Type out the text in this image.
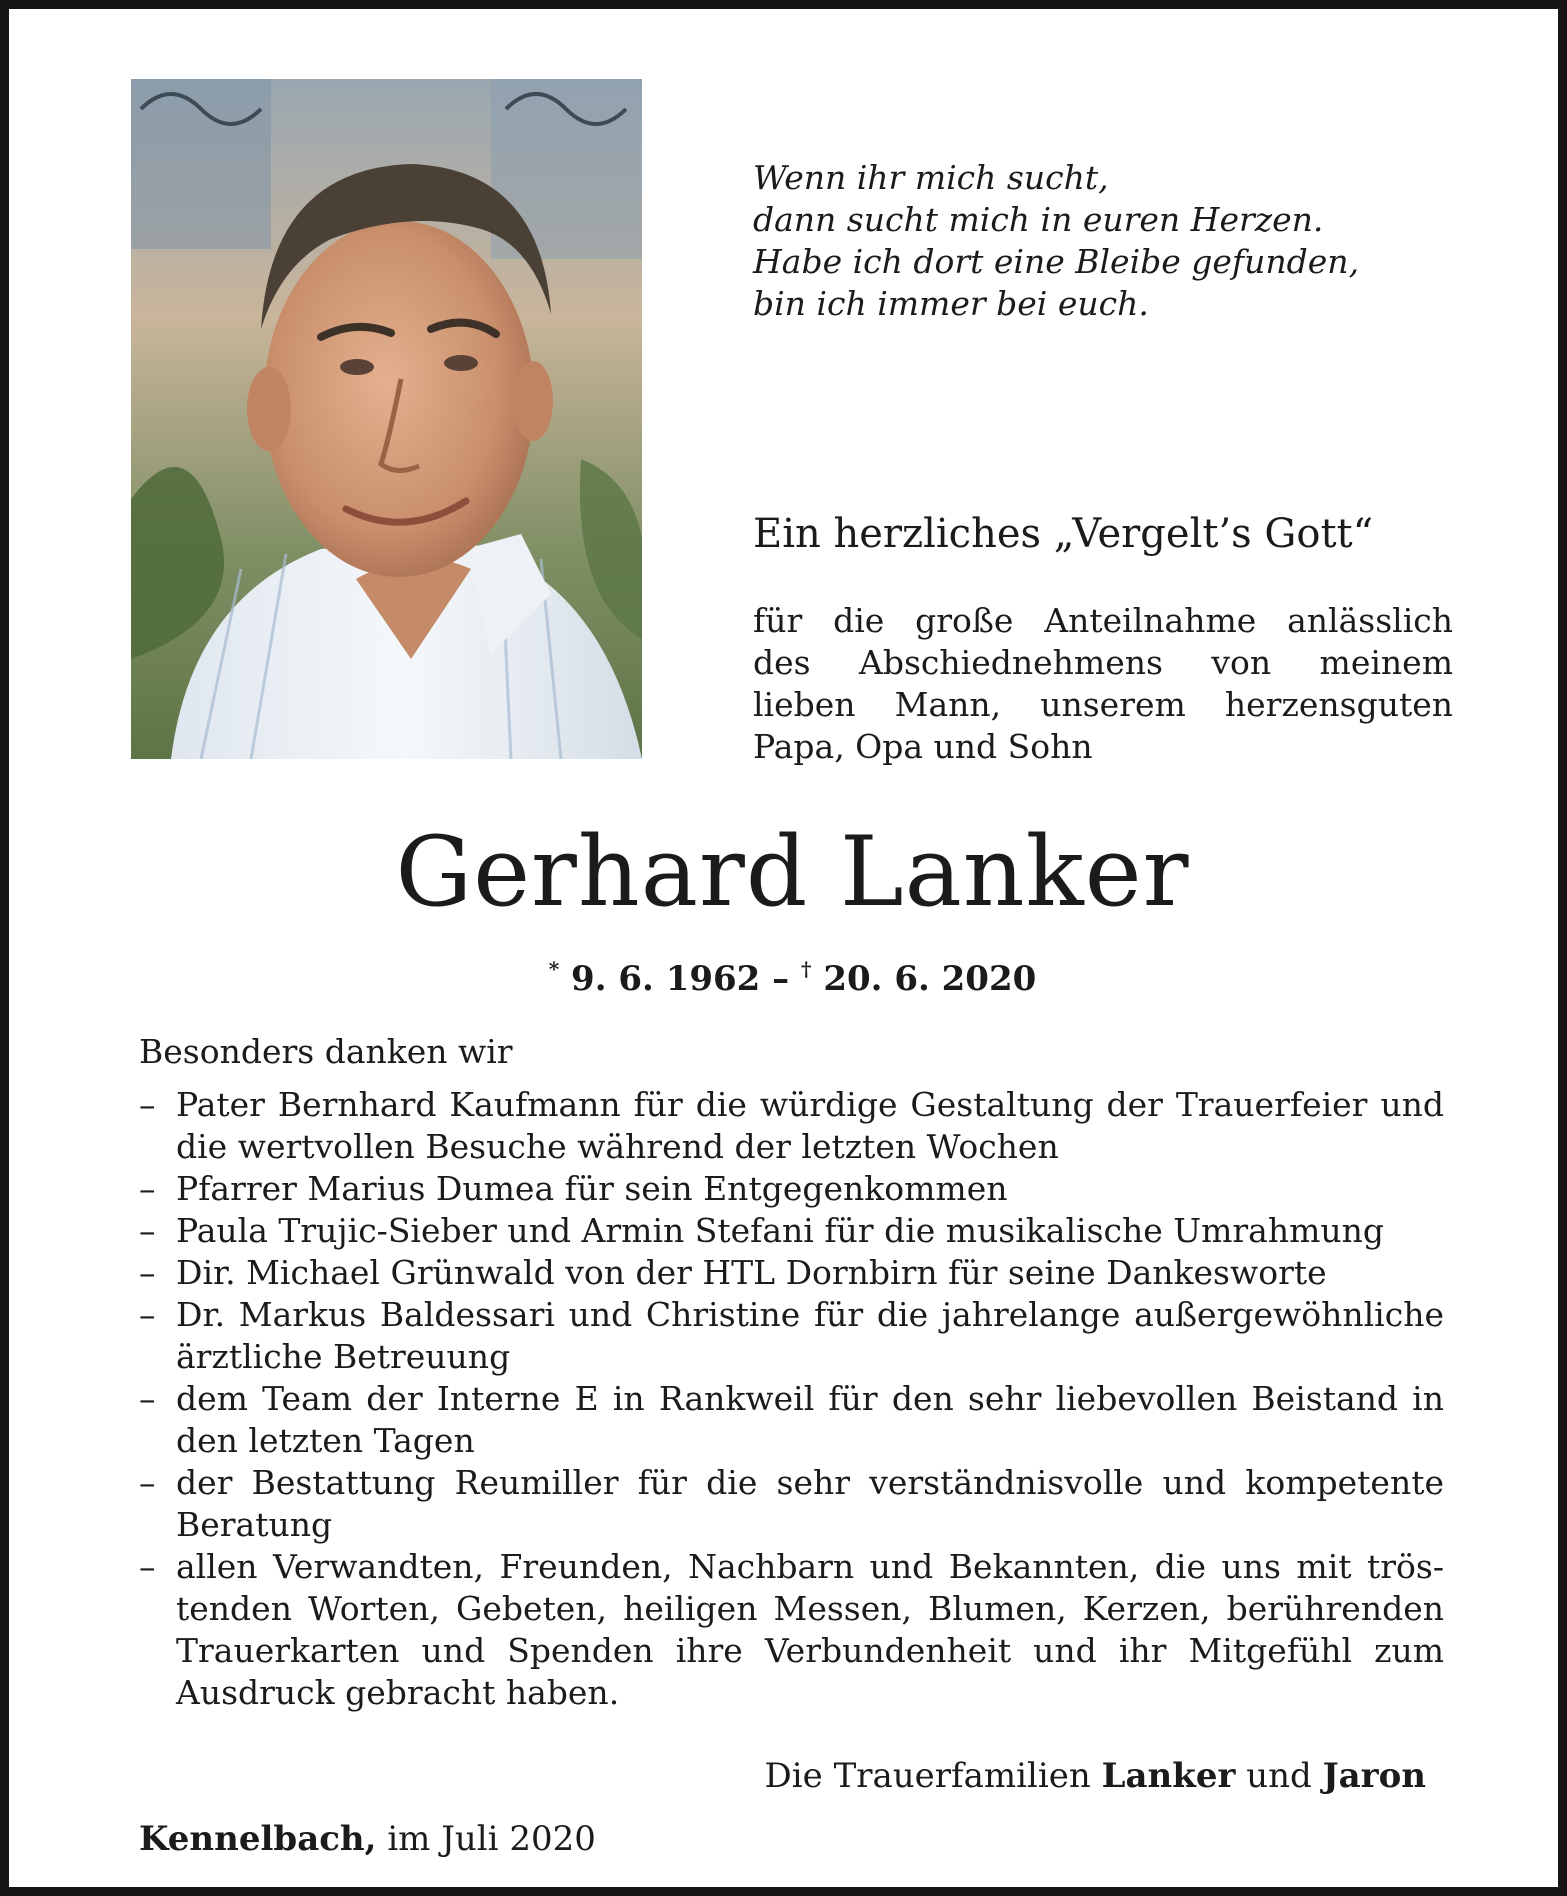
Wenn ihr mich sucht,
dann sucht mich in euren Herzen.
Habe ich dort eine Bleibe gefunden,
bin ich immer bei euch.
Ein herzliches „Vergelt’s Gott“
für die große Anteilnahme anlässlich
des Abschiednehmens von meinem
lieben Mann, unserem herzensguten
Papa, Opa und Sohn
Gerhard Lanker
* 9. 6. 1962 – † 20. 6. 2020
Besonders danken wir
– Pater Bernhard Kaufmann für die würdige Gestaltung der Trauerfeier und
die wertvollen Besuche während der letzten Wochen
– Pfarrer Marius Dumea für sein Entgegenkommen
– Paula Trujic-Sieber und Armin Stefani für die musikalische Umrahmung
– Dir. Michael Grünwald von der HTL Dornbirn für seine Dankesworte
– Dr. Markus Baldessari und Christine für die jahrelange außergewöhnliche
ärztliche Betreuung
– dem Team der Interne E in Rankweil für den sehr liebevollen Beistand in
den letzten Tagen
– der Bestattung Reumiller für die sehr verständnisvolle und kompetente
Beratung
– allen Verwandten, Freunden, Nachbarn und Bekannten, die uns mit trös-
tenden Worten, Gebeten, heiligen Messen, Blumen, Kerzen, berührenden
Trauerkarten und Spenden ihre Verbundenheit und ihr Mitgefühl zum
Ausdruck gebracht haben.
Die Trauerfamilien Lanker und Jaron
Kennelbach, im Juli 2020
